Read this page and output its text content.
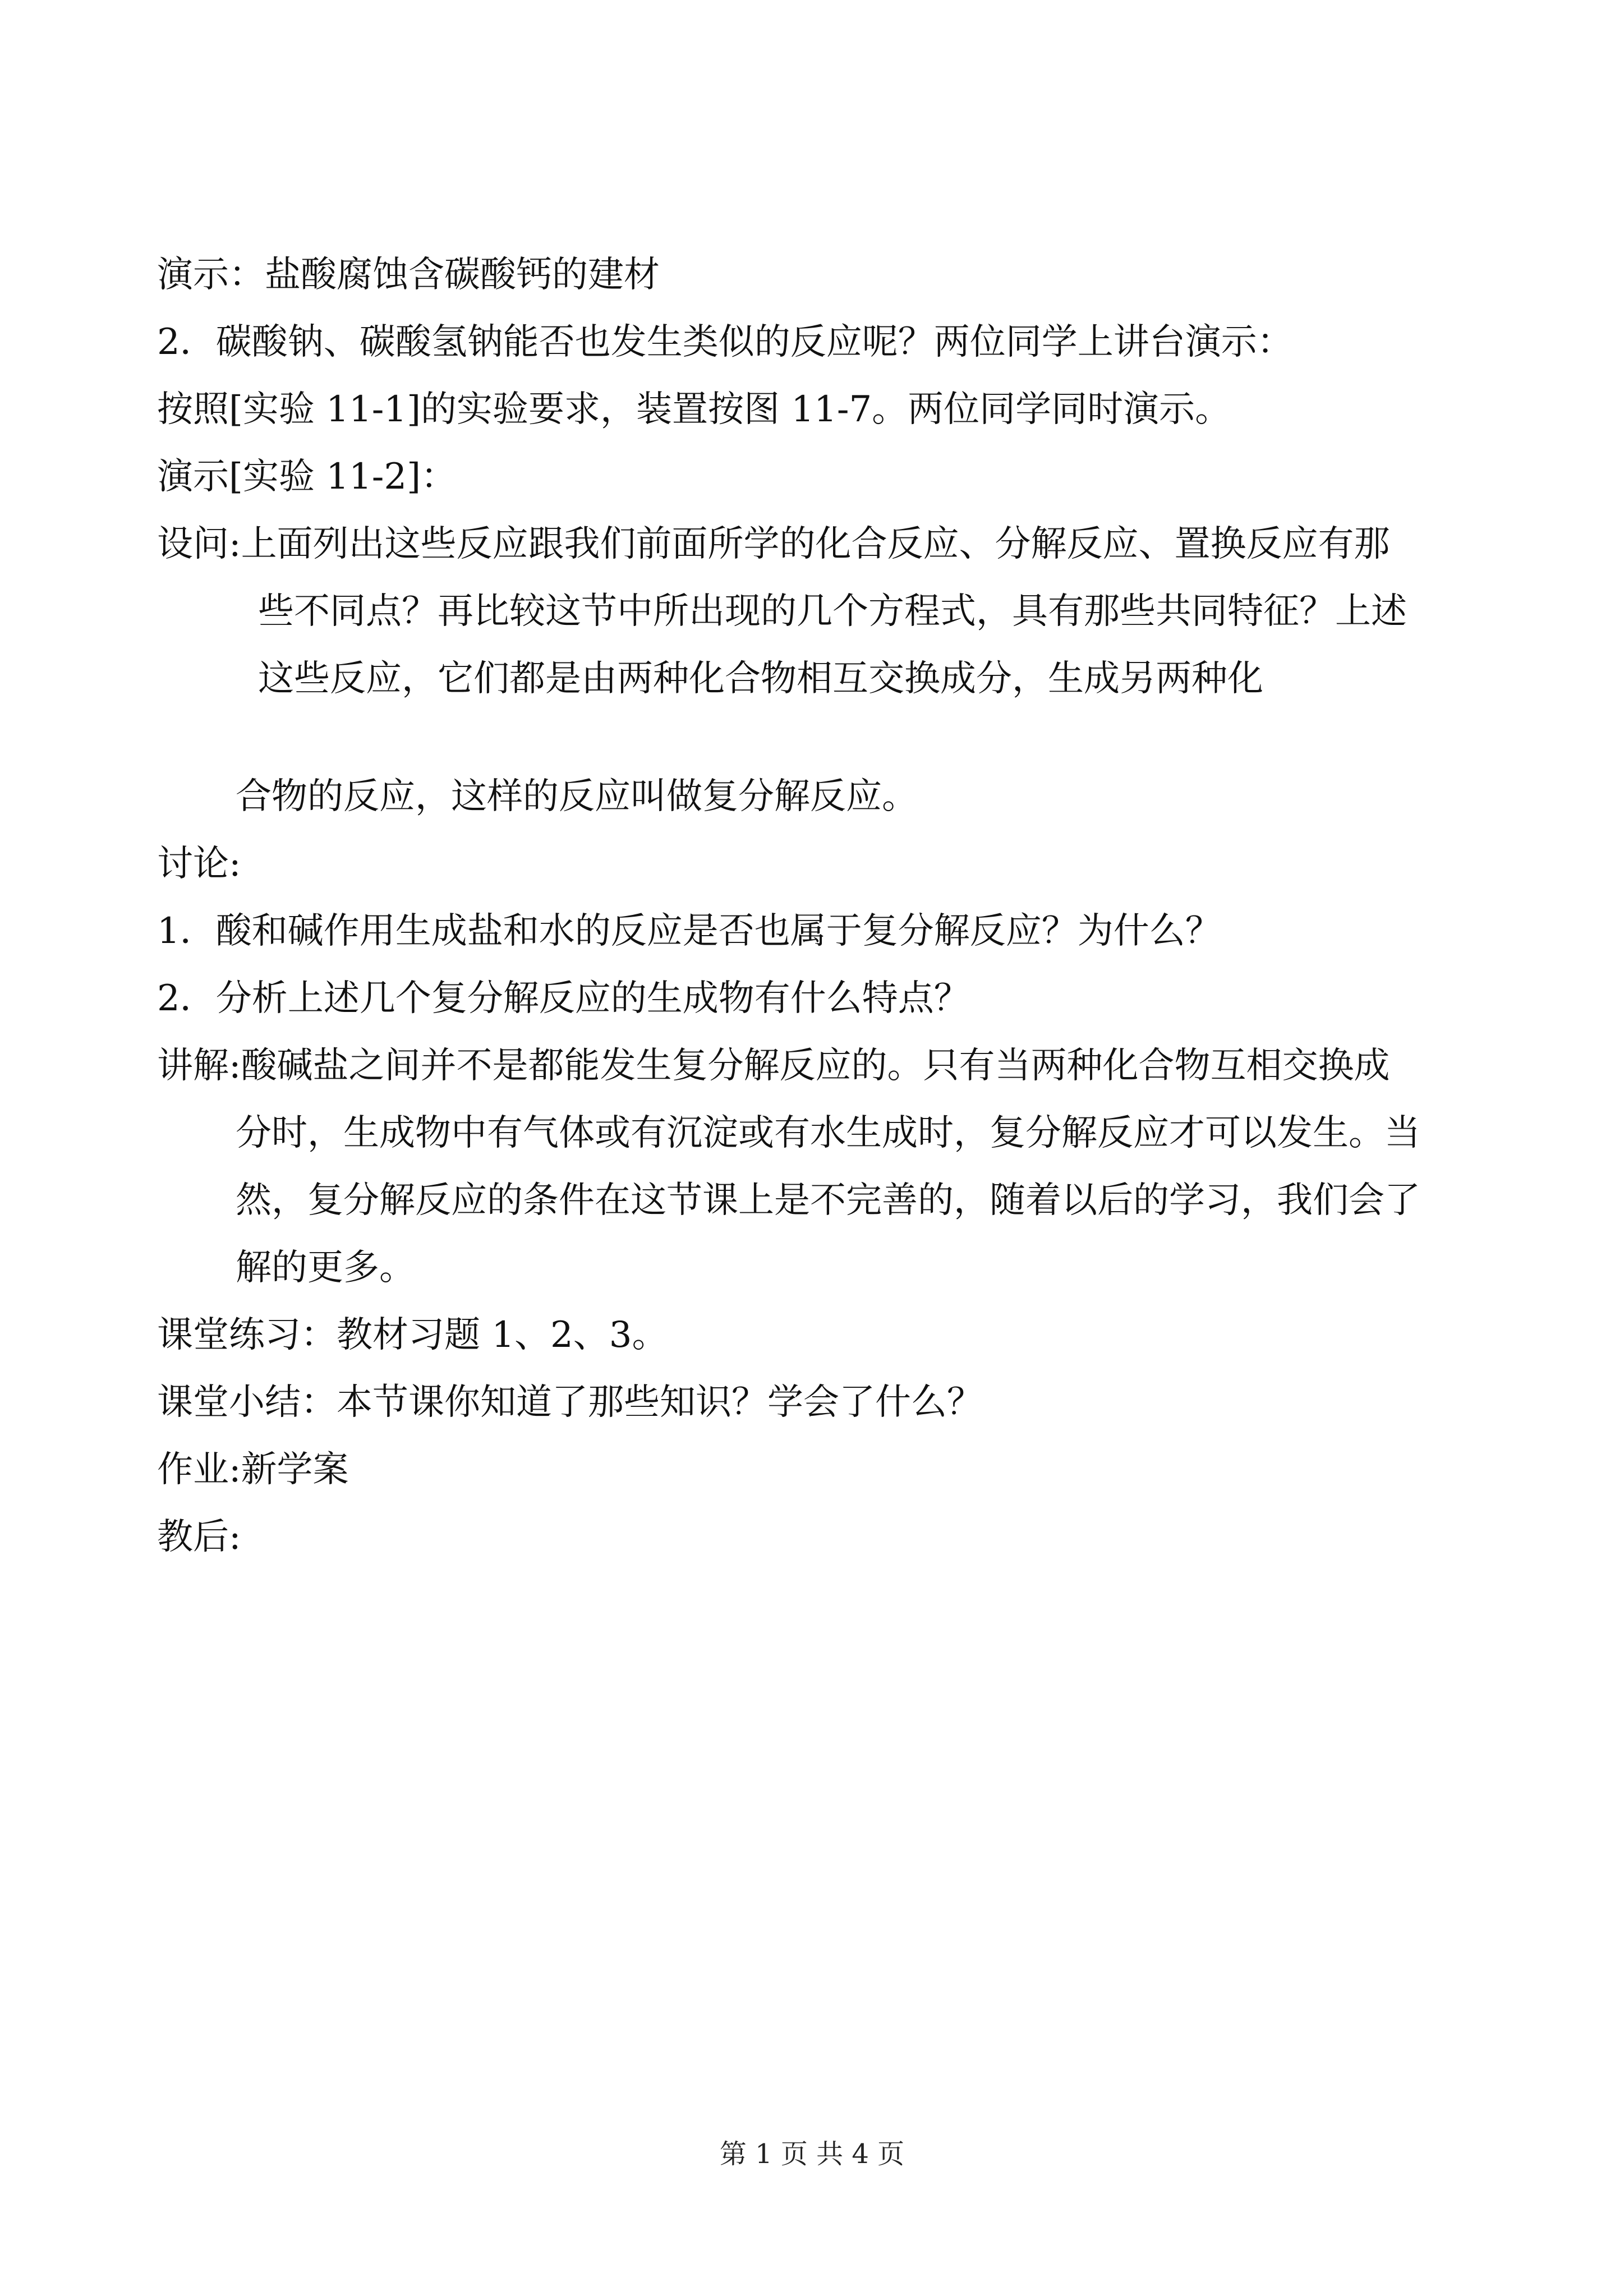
演示：盐酸腐蚀含碳酸钙的建材
2．碳酸钠、碳酸氢钠能否也发生类似的反应呢？两位同学上讲台演示：
按照[实验 11-1]的实验要求，装置按图 11-7。两位同学同时演示。
演示[实验 11-2]：
设问:上面列出这些反应跟我们前面所学的化合反应、分解反应、置换反应有那
些不同点？再比较这节中所出现的几个方程式，具有那些共同特征？上述
这些反应，它们都是由两种化合物相互交换成分，生成另两种化
合物的反应，这样的反应叫做复分解反应。
讨论:
1．酸和碱作用生成盐和水的反应是否也属于复分解反应？为什么？
2．分析上述几个复分解反应的生成物有什么特点？
讲解:酸碱盐之间并不是都能发生复分解反应的。只有当两种化合物互相交换成
分时，生成物中有气体或有沉淀或有水生成时，复分解反应才可以发生。当
然，复分解反应的条件在这节课上是不完善的，随着以后的学习，我们会了
解的更多。
课堂练习：教材习题 1、2、3。
课堂小结：本节课你知道了那些知识？学会了什么？
作业:新学案
教后:
第 1 页 共 4 页
